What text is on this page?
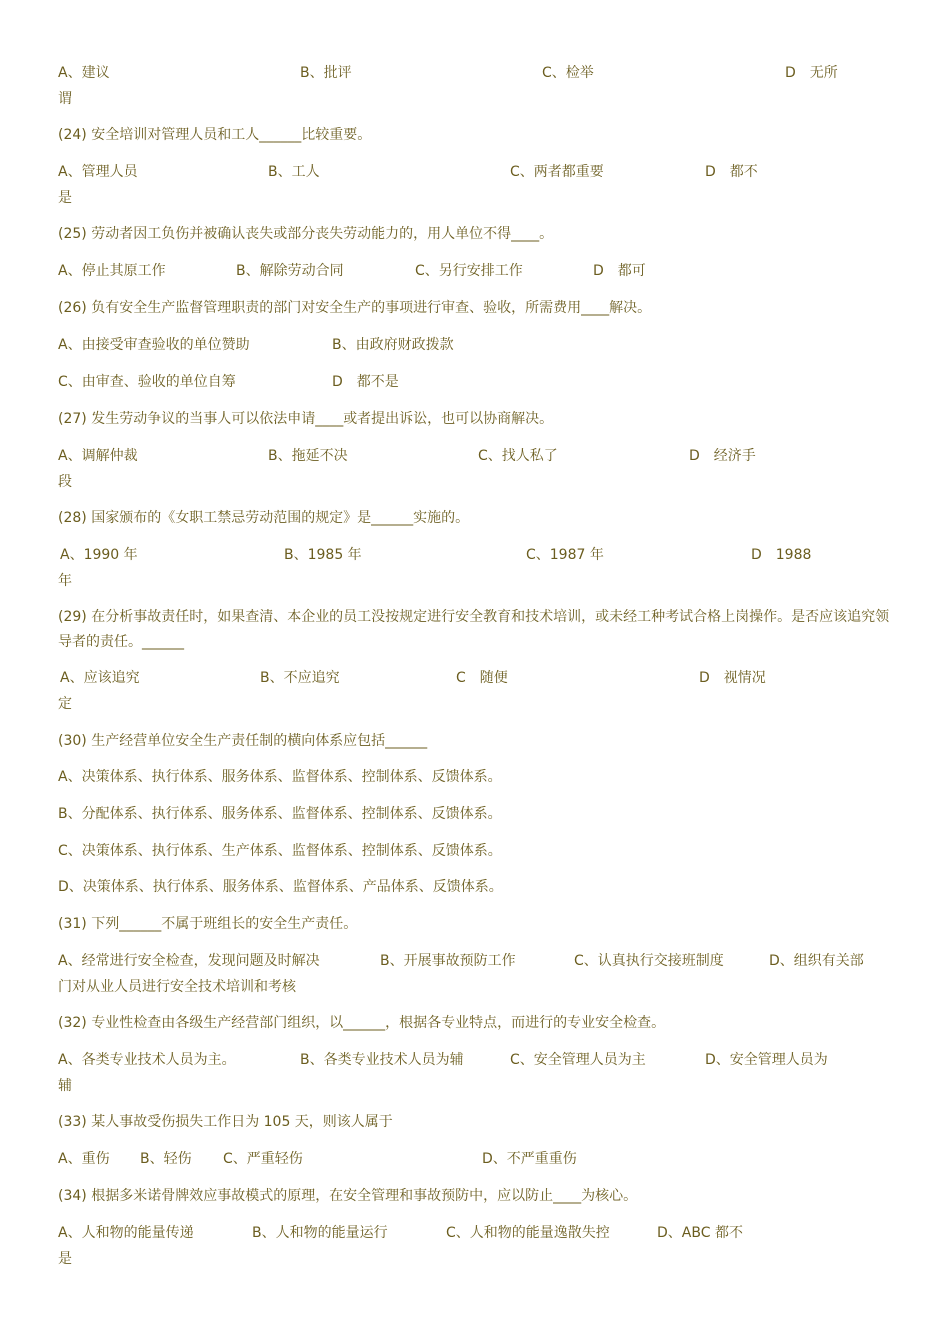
A、建议	B、批评	C、检举	D　无所
谓
(24) 安全培训对管理人员和工人______比较重要。
A、管理人员	B、工人	C、两者都重要	D　都不
是
(25) 劳动者因工负伤并被确认丧失或部分丧失劳动能力的，用人单位不得____。
A、停止其原工作	B、解除劳动合同	C、另行安排工作	D　都可
(26) 负有安全生产监督管理职责的部门对安全生产的事项进行审查、验收，所需费用____解决。
A、由接受审查验收的单位赞助	B、由政府财政拨款
C、由审查、验收的单位自筹	D　都不是
(27) 发生劳动争议的当事人可以依法申请____或者提出诉讼，也可以协商解决。
A、调解仲裁	B、拖延不决	C、找人私了	D　经济手
段
(28) 国家颁布的《女职工禁忌劳动范围的规定》是______实施的。
A、1990 年	B、1985 年	C、1987 年	D　1988
年
(29) 在分析事故责任时，如果查清、本企业的员工没按规定进行安全教育和技术培训，或未经工种考试合格上岗操作。是否应该追究领导者的责任。______
A、应该追究	B、不应追究	C　随便	D　视情况
定
(30) 生产经营单位安全生产责任制的横向体系应包括______
A、决策体系、执行体系、服务体系、监督体系、控制体系、反馈体系。
B、分配体系、执行体系、服务体系、监督体系、控制体系、反馈体系。
C、决策体系、执行体系、生产体系、监督体系、控制体系、反馈体系。
D、决策体系、执行体系、服务体系、监督体系、产品体系、反馈体系。
(31) 下列______不属于班组长的安全生产责任。
A、经常进行安全检查，发现问题及时解决	B、开展事故预防工作	C、认真执行交接班制度	D、组织有关部
门对从业人员进行安全技术培训和考核
(32) 专业性检查由各级生产经营部门组织，以______，根据各专业特点，而进行的专业安全检查。
A、各类专业技术人员为主。	B、各类专业技术人员为辅	C、安全管理人员为主	D、安全管理人员为
辅
(33) 某人事故受伤损失工作日为 105 天，则该人属于
A、重伤 B、轻伤 C、严重轻伤	D、不严重重伤
(34) 根据多米诺骨牌效应事故模式的原理，在安全管理和事故预防中，应以防止____为核心。
A、人和物的能量传递	B、人和物的能量运行	C、人和物的能量逸散失控	D、ABC 都不
是
